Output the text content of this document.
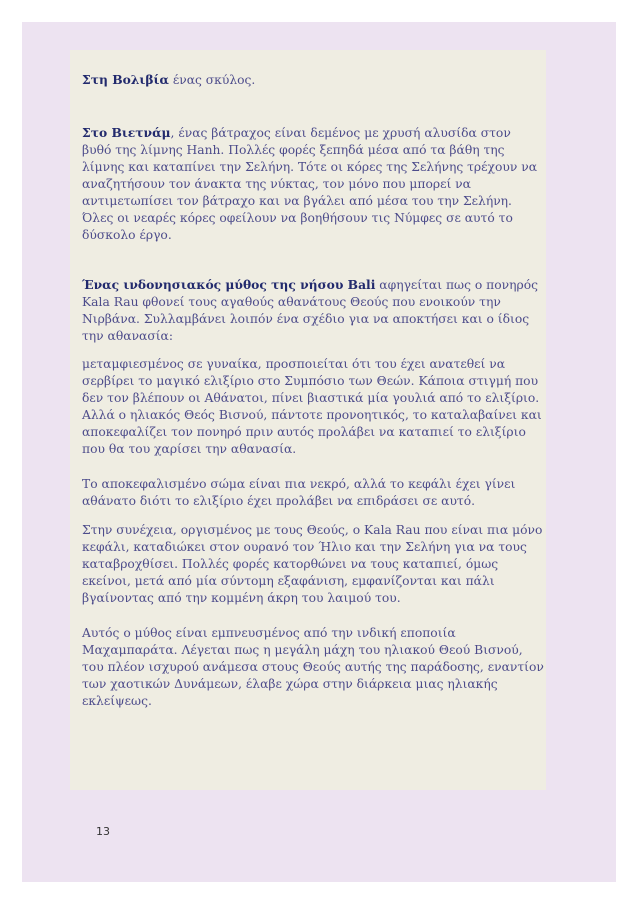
Στη Βολιβία ένας σκύλος.

Στο Βιετνάμ, ένας βάτραχος είναι δεμένος με χρυσή αλυσίδα στον βυθό της λίμνης Hanh. Πολλές φορές ξεπηδά μέσα από τα βάθη της λίμνης και καταπίνει την Σελήνη. Τότε οι κόρες της Σελήνης τρέχουν να αναζητήσουν τον άνακτα της νύκτας, τον μόνο που μπορεί να αντιμετωπίσει τον βάτραχο και να βγάλει από μέσα του την Σελήνη. Όλες οι νεαρές κόρες οφείλουν να βοηθήσουν τις Νύμφες σε αυτό το δύσκολο έργο.

Ένας ινδονησιακός μύθος της νήσου Bali αφηγείται πως ο πονηρός Kala Rau φθονεί τους αγαθούς αθανάτους Θεούς που ενοικούν την Νιρβάνα. Συλλαμβάνει λοιπόν ένα σχέδιο για να αποκτήσει και ο ίδιος την αθανασία:

μεταμφιεσμένος σε γυναίκα, προσποιείται ότι του έχει ανατεθεί να σερβίρει το μαγικό ελιξίριο στο Συμπόσιο των Θεών. Κάποια στιγμή που δεν τον βλέπουν οι Αθάνατοι, πίνει βιαστικά μία γουλιά από το ελιξίριο. Αλλά ο ηλιακός Θεός Βισνού, πάντοτε προνοητικός, το καταλαβαίνει και αποκεφαλίζει τον πονηρό πριν αυτός προλάβει να καταπιεί το ελιξίριο που θα του χαρίσει την αθανασία.

Το αποκεφαλισμένο σώμα είναι πια νεκρό, αλλά το κεφάλι έχει γίνει αθάνατο διότι το ελιξίριο έχει προλάβει να επιδράσει σε αυτό.

Στην συνέχεια, οργισμένος με τους Θεούς, ο Kala Rau που είναι πια μόνο κεφάλι, καταδιώκει στον ουρανό τον Ήλιο και την Σελήνη για να τους καταβροχθίσει. Πολλές φορές κατορθώνει να τους καταπιεί, όμως εκείνοι, μετά από μία σύντομη εξαφάνιση, εμφανίζονται και πάλι βγαίνοντας από την κομμένη άκρη του λαιμού του.

Αυτός ο μύθος είναι εμπνευσμένος από την ινδική εποποιία Μαχαμπαράτα. Λέγεται πως η μεγάλη μάχη του ηλιακού Θεού Βισνού, του πλέον ισχυρού ανάμεσα στους Θεούς αυτής της παράδοσης, εναντίον των χαοτικών Δυνάμεων, έλαβε χώρα στην διάρκεια μιας ηλιακής εκλείψεως.

13
